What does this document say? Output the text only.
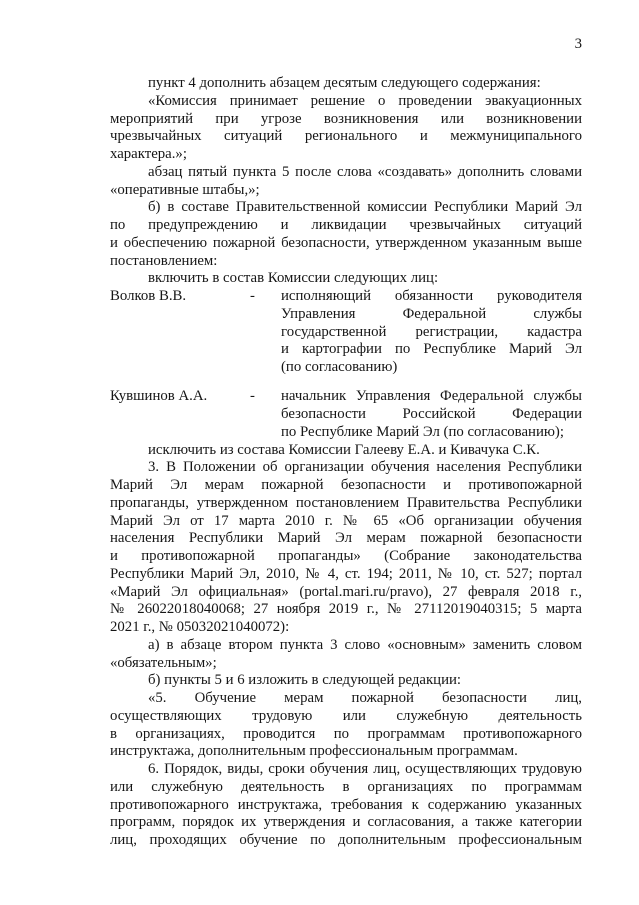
3
пункт 4 дополнить абзацем десятым следующего содержания:
«Комиссия принимает решение о проведении эвакуационных
мероприятий при угрозе возникновения или возникновении
чрезвычайных ситуаций регионального и межмуниципального
характера.»;
абзац пятый пункта 5 после слова «создавать» дополнить словами
«оперативные штабы,»;
б) в составе Правительственной комиссии Республики Марий Эл
по предупреждению и ликвидации чрезвычайных ситуаций
и обеспечению пожарной безопасности, утвержденном указанным выше
постановлением:
включить в состав Комиссии следующих лиц:
Волков В.В.	-	исполняющий обязанности руководителя
Управления Федеральной службы
государственной регистрации, кадастра
и картографии по Республике Марий Эл
(по согласованию)
Кувшинов А.А.	-	начальник Управления Федеральной службы
безопасности Российской Федерации
по Республике Марий Эл (по согласованию);
исключить из состава Комиссии Галееву Е.А. и Кивачука С.К.
3. В Положении об организации обучения населения Республики
Марий Эл мерам пожарной безопасности и противопожарной
пропаганды, утвержденном постановлением Правительства Республики
Марий Эл от 17 марта 2010 г. № 65 «Об организации обучения
населения Республики Марий Эл мерам пожарной безопасности
и противопожарной пропаганды» (Собрание законодательства
Республики Марий Эл, 2010, № 4, ст. 194; 2011, № 10, ст. 527; портал
«Марий Эл официальная» (portal.mari.ru/pravo), 27 февраля 2018 г.,
№ 26022018040068; 27 ноября 2019 г., № 27112019040315; 5 марта
2021 г., № 05032021040072):
а) в абзаце втором пункта 3 слово «основным» заменить словом
«обязательным»;
б) пункты 5 и 6 изложить в следующей редакции:
«5. Обучение мерам пожарной безопасности лиц,
осуществляющих трудовую или служебную деятельность
в организациях, проводится по программам противопожарного
инструктажа, дополнительным профессиональным программам.
6. Порядок, виды, сроки обучения лиц, осуществляющих трудовую
или служебную деятельность в организациях по программам
противопожарного инструктажа, требования к содержанию указанных
программ, порядок их утверждения и согласования, а также категории
лиц, проходящих обучение по дополнительным профессиональным
